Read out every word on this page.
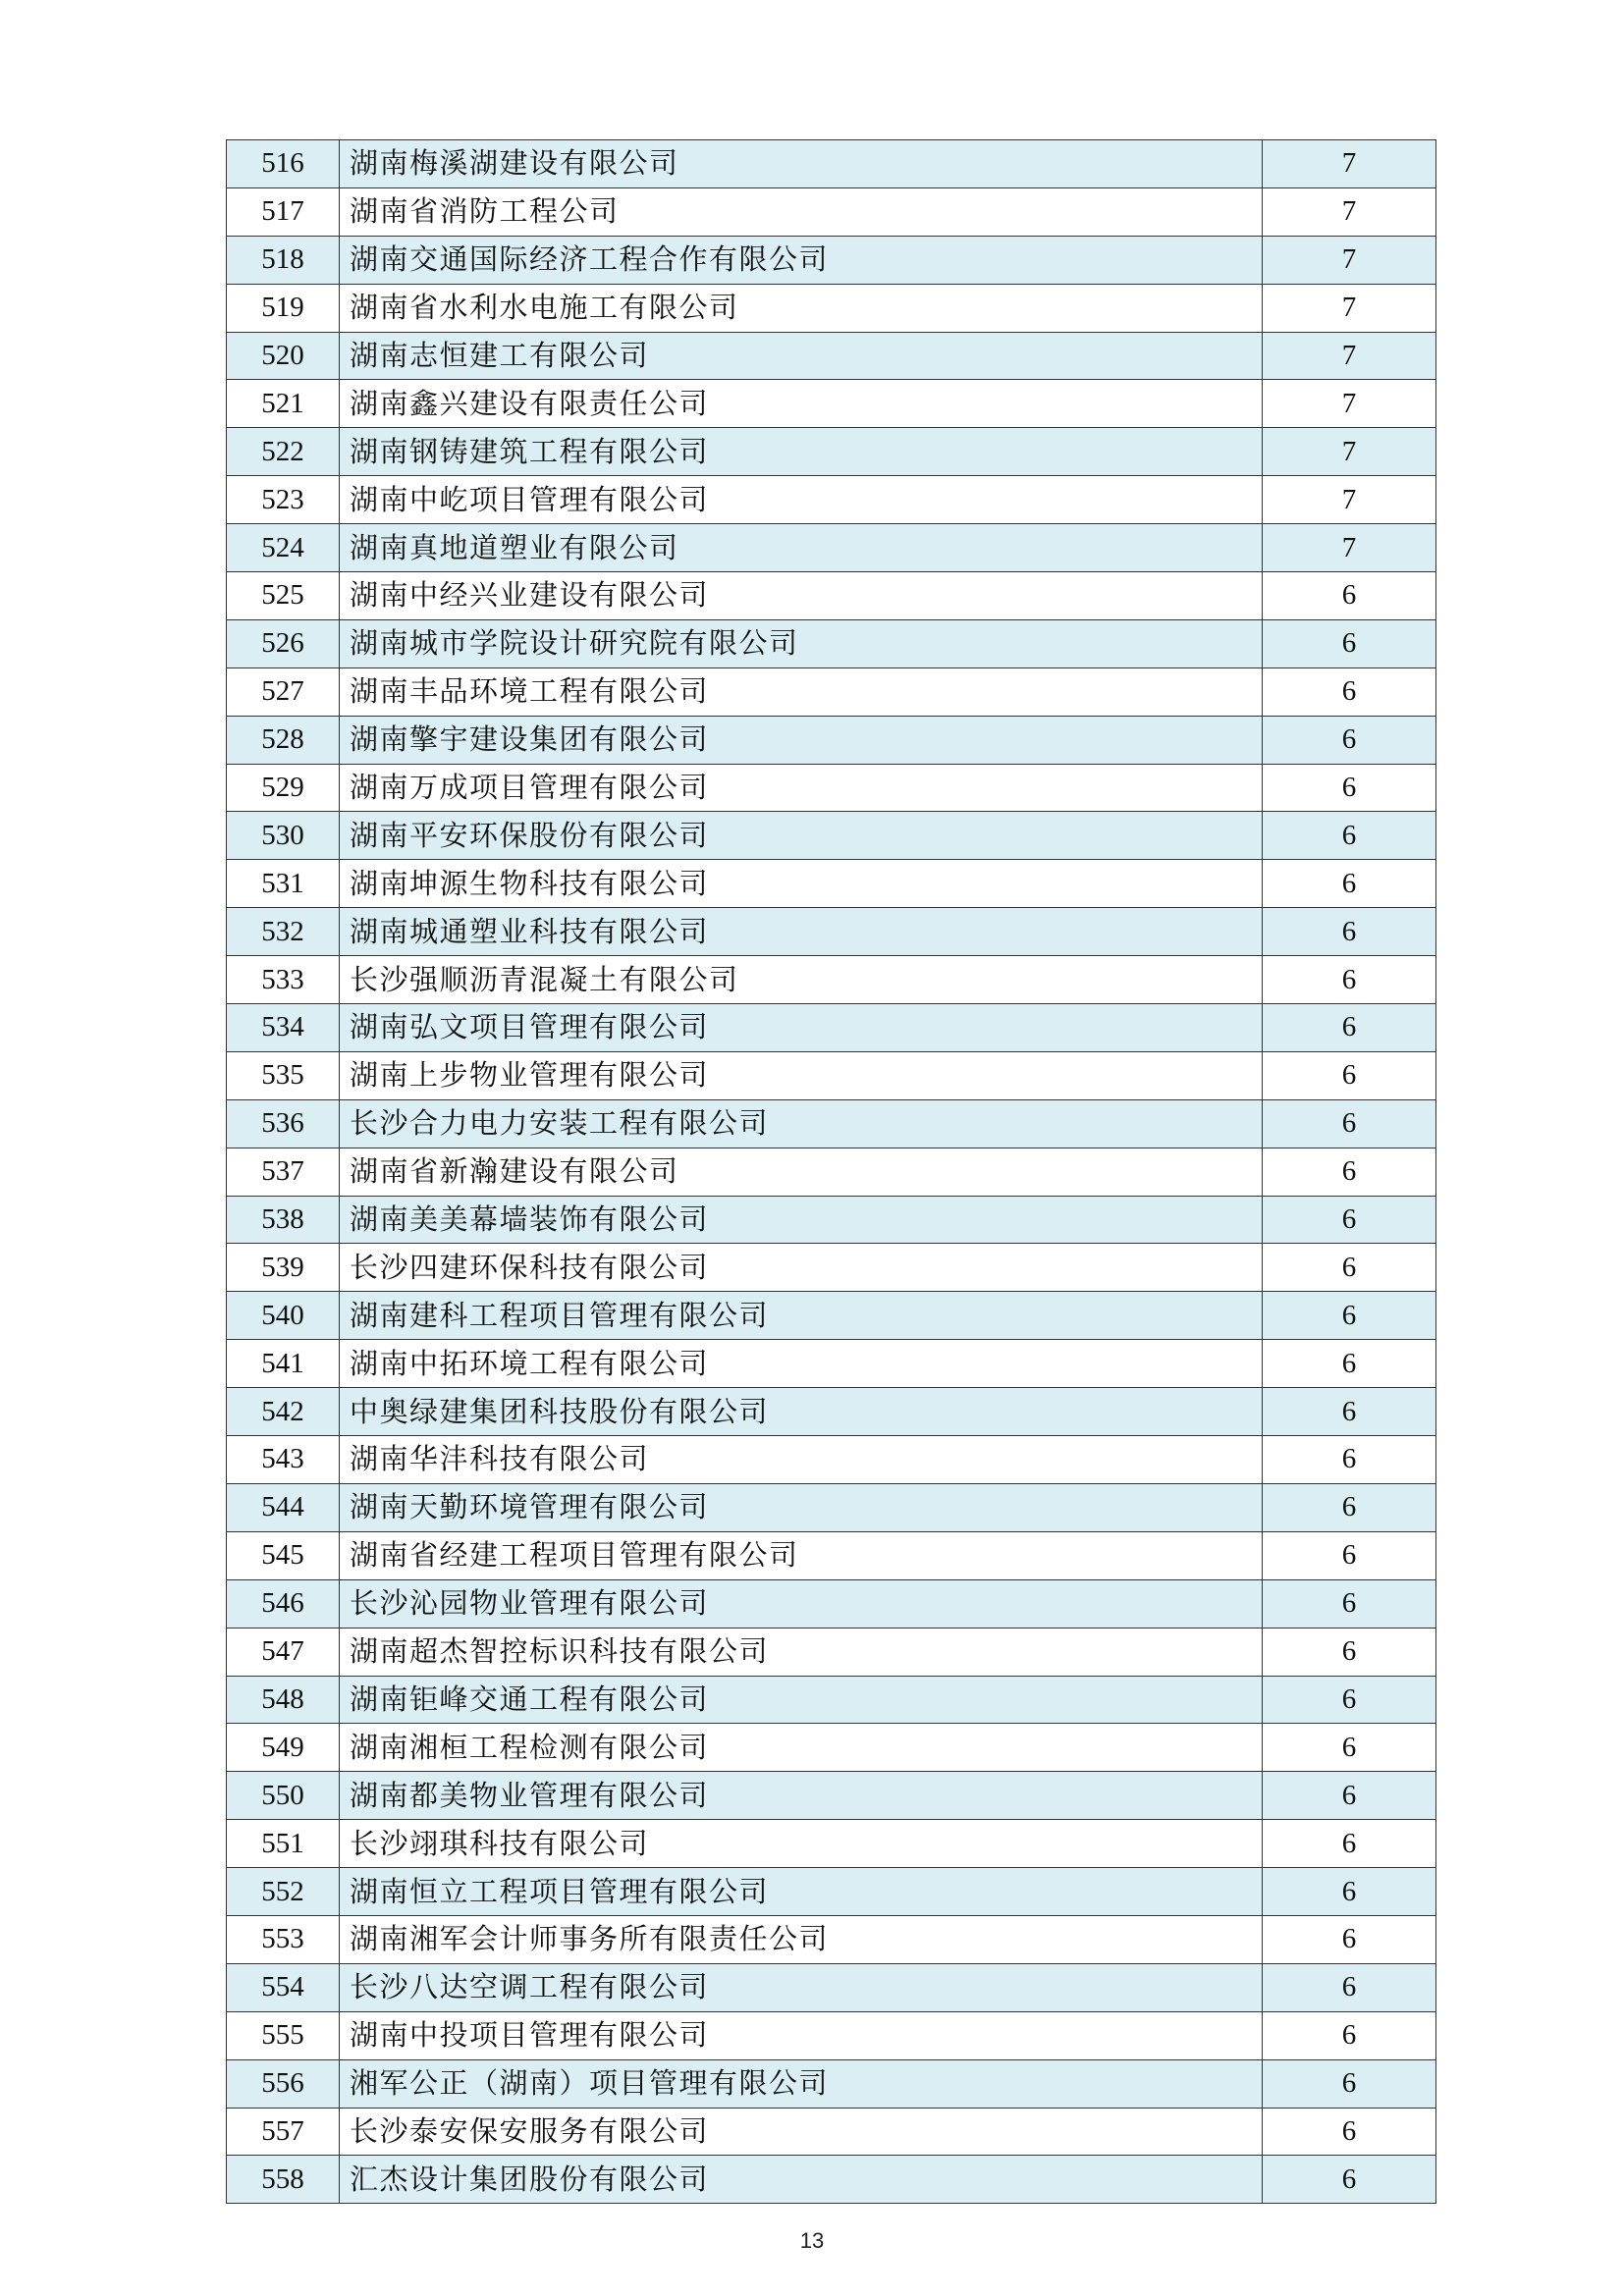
516	湖南梅溪湖建设有限公司	7
517	湖南省消防工程公司	7
518	湖南交通国际经济工程合作有限公司	7
519	湖南省水利水电施工有限公司	7
520	湖南志恒建工有限公司	7
521	湖南鑫兴建设有限责任公司	7
522	湖南钢铸建筑工程有限公司	7
523	湖南中屹项目管理有限公司	7
524	湖南真地道塑业有限公司	7
525	湖南中经兴业建设有限公司	6
526	湖南城市学院设计研究院有限公司	6
527	湖南丰品环境工程有限公司	6
528	湖南擎宇建设集团有限公司	6
529	湖南万成项目管理有限公司	6
530	湖南平安环保股份有限公司	6
531	湖南坤源生物科技有限公司	6
532	湖南城通塑业科技有限公司	6
533	长沙强顺沥青混凝土有限公司	6
534	湖南弘文项目管理有限公司	6
535	湖南上步物业管理有限公司	6
536	长沙合力电力安装工程有限公司	6
537	湖南省新瀚建设有限公司	6
538	湖南美美幕墙装饰有限公司	6
539	长沙四建环保科技有限公司	6
540	湖南建科工程项目管理有限公司	6
541	湖南中拓环境工程有限公司	6
542	中奥绿建集团科技股份有限公司	6
543	湖南华沣科技有限公司	6
544	湖南天勤环境管理有限公司	6
545	湖南省经建工程项目管理有限公司	6
546	长沙沁园物业管理有限公司	6
547	湖南超杰智控标识科技有限公司	6
548	湖南钜峰交通工程有限公司	6
549	湖南湘桓工程检测有限公司	6
550	湖南都美物业管理有限公司	6
551	长沙翊琪科技有限公司	6
552	湖南恒立工程项目管理有限公司	6
553	湖南湘军会计师事务所有限责任公司	6
554	长沙八达空调工程有限公司	6
555	湖南中投项目管理有限公司	6
556	湘军公正（湖南）项目管理有限公司	6
557	长沙泰安保安服务有限公司	6
558	汇杰设计集团股份有限公司	6
13
